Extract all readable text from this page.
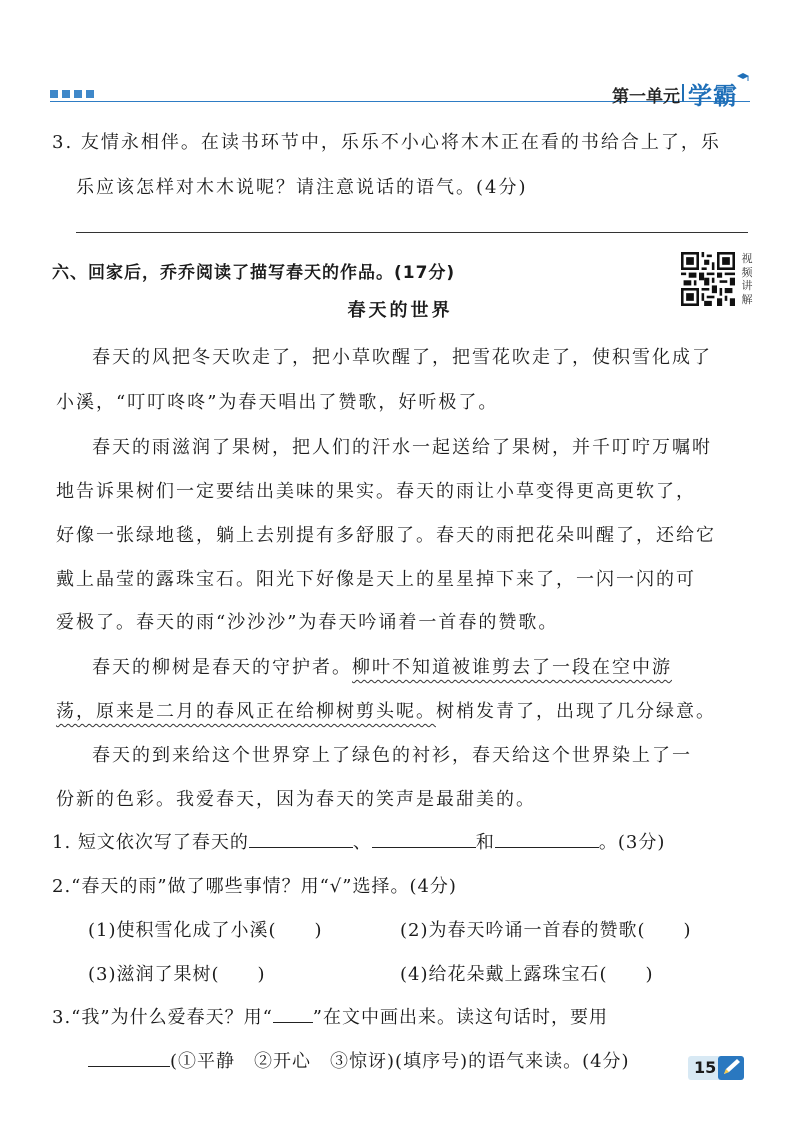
第一单元 学霸
3. 友情永相伴。在读书环节中，乐乐不小心将木木正在看的书给合上了，乐
乐应该怎样对木木说呢？请注意说话的语气。(4分)
六、回家后，乔乔阅读了描写春天的作品。(17分)
视频讲解
春天的世界
春天的风把冬天吹走了，把小草吹醒了，把雪花吹走了，使积雪化成了
小溪，“叮叮咚咚”为春天唱出了赞歌，好听极了。
春天的雨滋润了果树，把人们的汗水一起送给了果树，并千叮咛万嘱咐
地告诉果树们一定要结出美味的果实。春天的雨让小草变得更高更软了，
好像一张绿地毯，躺上去别提有多舒服了。春天的雨把花朵叫醒了，还给它
戴上晶莹的露珠宝石。阳光下好像是天上的星星掉下来了，一闪一闪的可
爱极了。春天的雨“沙沙沙”为春天吟诵着一首春的赞歌。
春天的柳树是春天的守护者。柳叶不知道被谁剪去了一段在空中游
荡，原来是二月的春风正在给柳树剪头呢。树梢发青了，出现了几分绿意。
春天的到来给这个世界穿上了绿色的衬衫，春天给这个世界染上了一
份新的色彩。我爱春天，因为春天的笑声是最甜美的。
1. 短文依次写了春天的	、	和	。(3分)
2.“春天的雨”做了哪些事情？用“√”选择。(4分)
(1)使积雪化成了小溪(　　)	(2)为春天吟诵一首春的赞歌(　　)
(3)滋润了果树(　　)	(4)给花朵戴上露珠宝石(　　)
3.“我”为什么爱春天？用“ ”在文中画出来。读这句话时，要用
(①平静　②开心　③惊讶)(填序号)的语气来读。(4分)	15
